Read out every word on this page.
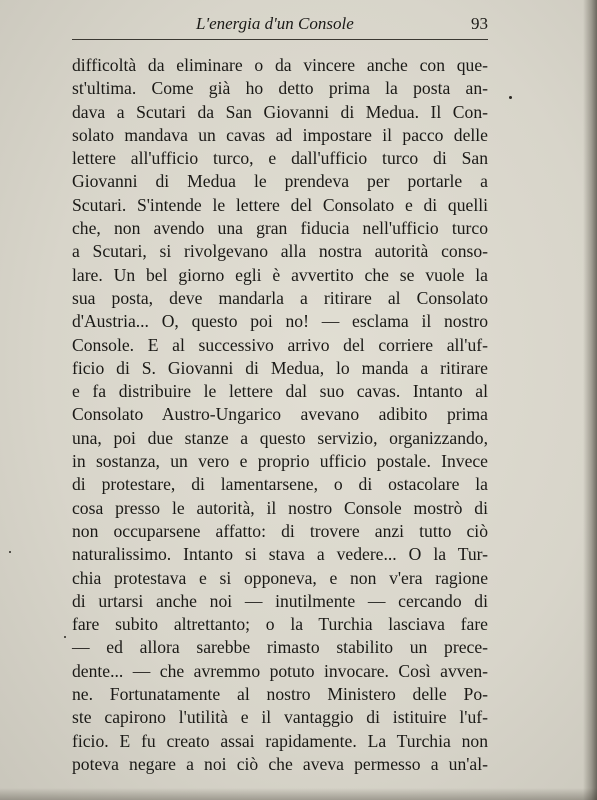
L'energia d'un Console	93
difficoltà da eliminare o da vincere anche con que-
st'ultima. Come già ho detto prima la posta an-
dava a Scutari da San Giovanni di Medua. Il Con-
solato mandava un cavas ad impostare il pacco delle
lettere all'ufficio turco, e dall'ufficio turco di San
Giovanni di Medua le prendeva per portarle a
Scutari. S'intende le lettere del Consolato e di quelli
che, non avendo una gran fiducia nell'ufficio turco
a Scutari, si rivolgevano alla nostra autorità conso-
lare. Un bel giorno egli è avvertito che se vuole la
sua posta, deve mandarla a ritirare al Consolato
d'Austria... O, questo poi no! — esclama il nostro
Console. E al successivo arrivo del corriere all'uf-
ficio di S. Giovanni di Medua, lo manda a ritirare
e fa distribuire le lettere dal suo cavas. Intanto al
Consolato Austro-Ungarico avevano adibito prima
una, poi due stanze a questo servizio, organizzando,
in sostanza, un vero e proprio ufficio postale. Invece
di protestare, di lamentarsene, o di ostacolare la
cosa presso le autorità, il nostro Console mostrò di
non occuparsene affatto: di trovere anzi tutto ciò
naturalissimo. Intanto si stava a vedere... O la Tur-
chia protestava e si opponeva, e non v'era ragione
di urtarsi anche noi — inutilmente — cercando di
fare subito altrettanto; o la Turchia lasciava fare
— ed allora sarebbe rimasto stabilito un prece-
dente... — che avremmo potuto invocare. Così avven-
ne. Fortunatamente al nostro Ministero delle Po-
ste capirono l'utilità e il vantaggio di istituire l'uf-
ficio. E fu creato assai rapidamente. La Turchia non
poteva negare a noi ciò che aveva permesso a un'al-
